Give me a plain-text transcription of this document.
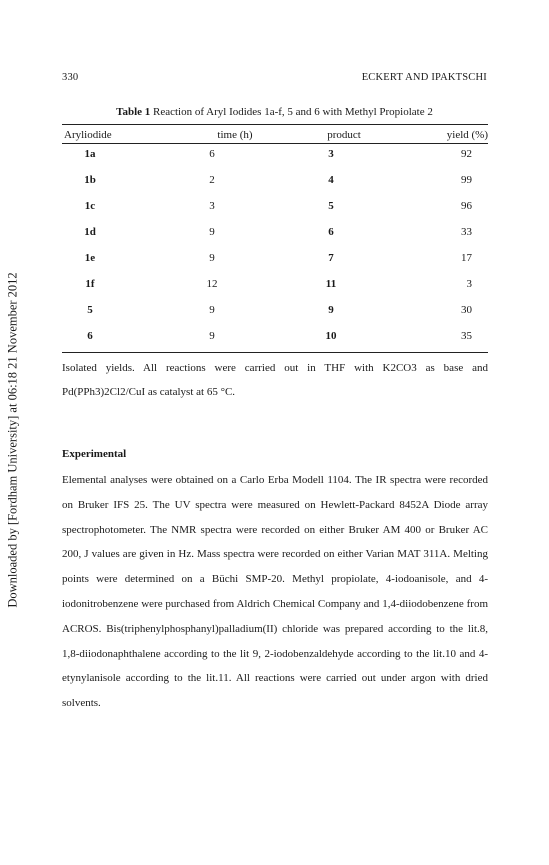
Downloaded by [Fordham University] at 06:18 21 November 2012
330	ECKERT AND IPAKTSCHI
Table 1 Reaction of Aryl Iodides 1a-f, 5 and 6 with Methyl Propiolate 2
Aryliodide	time (h)	product	yield (%)
1a	6	3	92
1b	2	4	99
1c	3	5	96
1d	9	6	33
1e	9	7	17
1f	12	11	3
5	9	9	30
6	9	10	35
Isolated yields. All reactions were carried out in THF with K2CO3 as base and Pd(PPh3)2Cl2/CuI as catalyst at 65 °C.
Experimental
Elemental analyses were obtained on a Carlo Erba Modell 1104. The IR spectra were recorded on Bruker IFS 25. The UV spectra were measured on Hewlett-Packard 8452A Diode array spectrophotometer. The NMR spectra were recorded on either Bruker AM 400 or Bruker AC 200, J values are given in Hz. Mass spectra were recorded on either Varian MAT 311A. Melting points were determined on a Büchi SMP-20. Methyl propiolate, 4-iodoanisole, and 4-iodonitrobenzene were purchased from Aldrich Chemical Company and 1,4-diiodobenzene from ACROS. Bis(triphenylphosphanyl)palladium(II) chloride was prepared according to the lit.8, 1,8-diiodonaphthalene according to the lit 9, 2-iodobenzaldehyde according to the lit.10 and 4-etynylanisole according to the lit.11. All reactions were carried out under argon with dried solvents.
